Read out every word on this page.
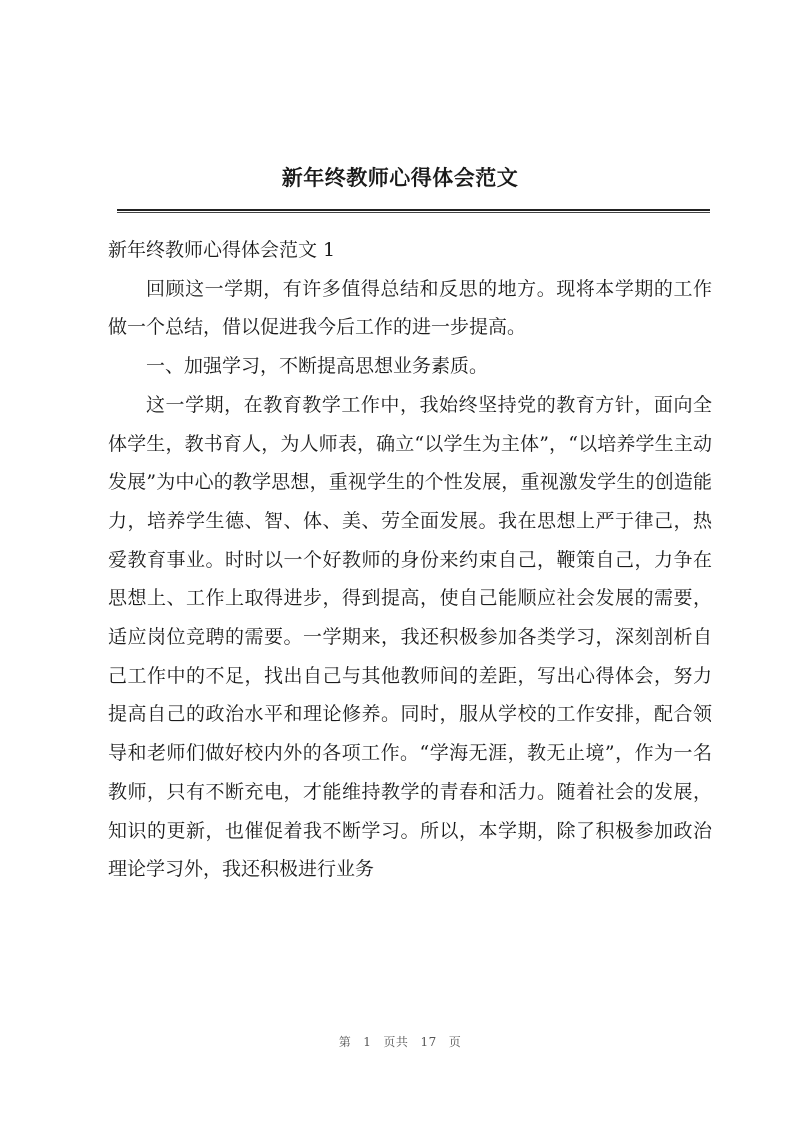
新年终教师心得体会范文

新年终教师心得体会范文 1

回顾这一学期，有许多值得总结和反思的地方。现将本学期的工作做一个总结，借以促进我今后工作的进一步提高。

一、加强学习，不断提高思想业务素质。

这一学期，在教育教学工作中，我始终坚持党的教育方针，面向全体学生，教书育人，为人师表，确立“以学生为主体”，“以培养学生主动发展”为中心的教学思想，重视学生的个性发展，重视激发学生的创造能力，培养学生德、智、体、美、劳全面发展。我在思想上严于律己，热爱教育事业。时时以一个好教师的身份来约束自己，鞭策自己，力争在思想上、工作上取得进步，得到提高，使自己能顺应社会发展的需要，适应岗位竞聘的需要。一学期来，我还积极参加各类学习，深刻剖析自己工作中的不足，找出自己与其他教师间的差距，写出心得体会，努力提高自己的政治水平和理论修养。同时，服从学校的工作安排，配合领导和老师们做好校内外的各项工作。“学海无涯，教无止境”，作为一名教师，只有不断充电，才能维持教学的青春和活力。随着社会的发展，知识的更新，也催促着我不断学习。所以，本学期，除了积极参加政治理论学习外，我还积极进行业务

第 1 页共 17 页
